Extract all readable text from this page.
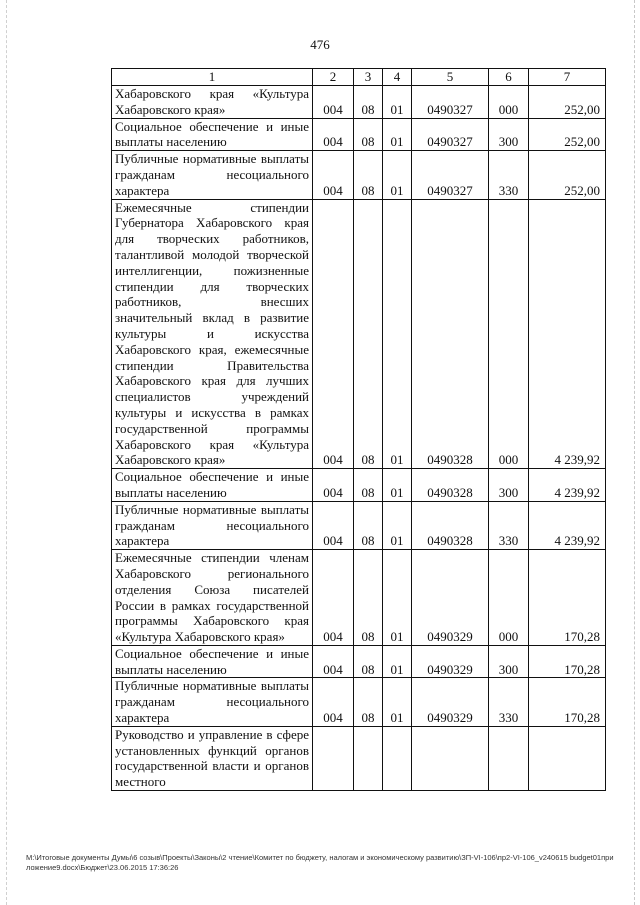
476
1	2	3	4	5	6	7
Хабаровского края «Культура Хабаровского края»	004	08	01	0490327	000	252,00
Социальное обеспечение и иные выплаты населению	004	08	01	0490327	300	252,00
Публичные нормативные выплаты гражданам несоциального характера	004	08	01	0490327	330	252,00
Ежемесячные стипендии Губернатора Хабаровского края для творческих работников, талантливой молодой творческой интеллигенции, пожизненные стипендии для творческих работников, внесших значительный вклад в развитие культуры и искусства Хабаровского края, ежемесячные стипендии Правительства Хабаровского края для лучших специалистов учреждений культуры и искусства в рамках государственной программы Хабаровского края «Культура Хабаровского края»	004	08	01	0490328	000	4 239,92
Социальное обеспечение и иные выплаты населению	004	08	01	0490328	300	4 239,92
Публичные нормативные выплаты гражданам несоциального характера	004	08	01	0490328	330	4 239,92
Ежемесячные стипендии членам Хабаровского регионального отделения Союза писателей России в рамках государственной программы Хабаровского края «Культура Хабаровского края»	004	08	01	0490329	000	170,28
Социальное обеспечение и иные выплаты населению	004	08	01	0490329	300	170,28
Публичные нормативные выплаты гражданам несоциального характера	004	08	01	0490329	330	170,28
Руководство и управление в сфере установленных функций органов государственной власти и органов местного						
M:\Итоговые документы Думы\6 созыв\Проекты\Законы\2 чтение\Комитет по бюджету, налогам и экономическому развитию\ЗП-VI-106\пр2-VI-106_v240615 budget01приложение9.docx\Бюджет\23.06.2015 17:36:26
